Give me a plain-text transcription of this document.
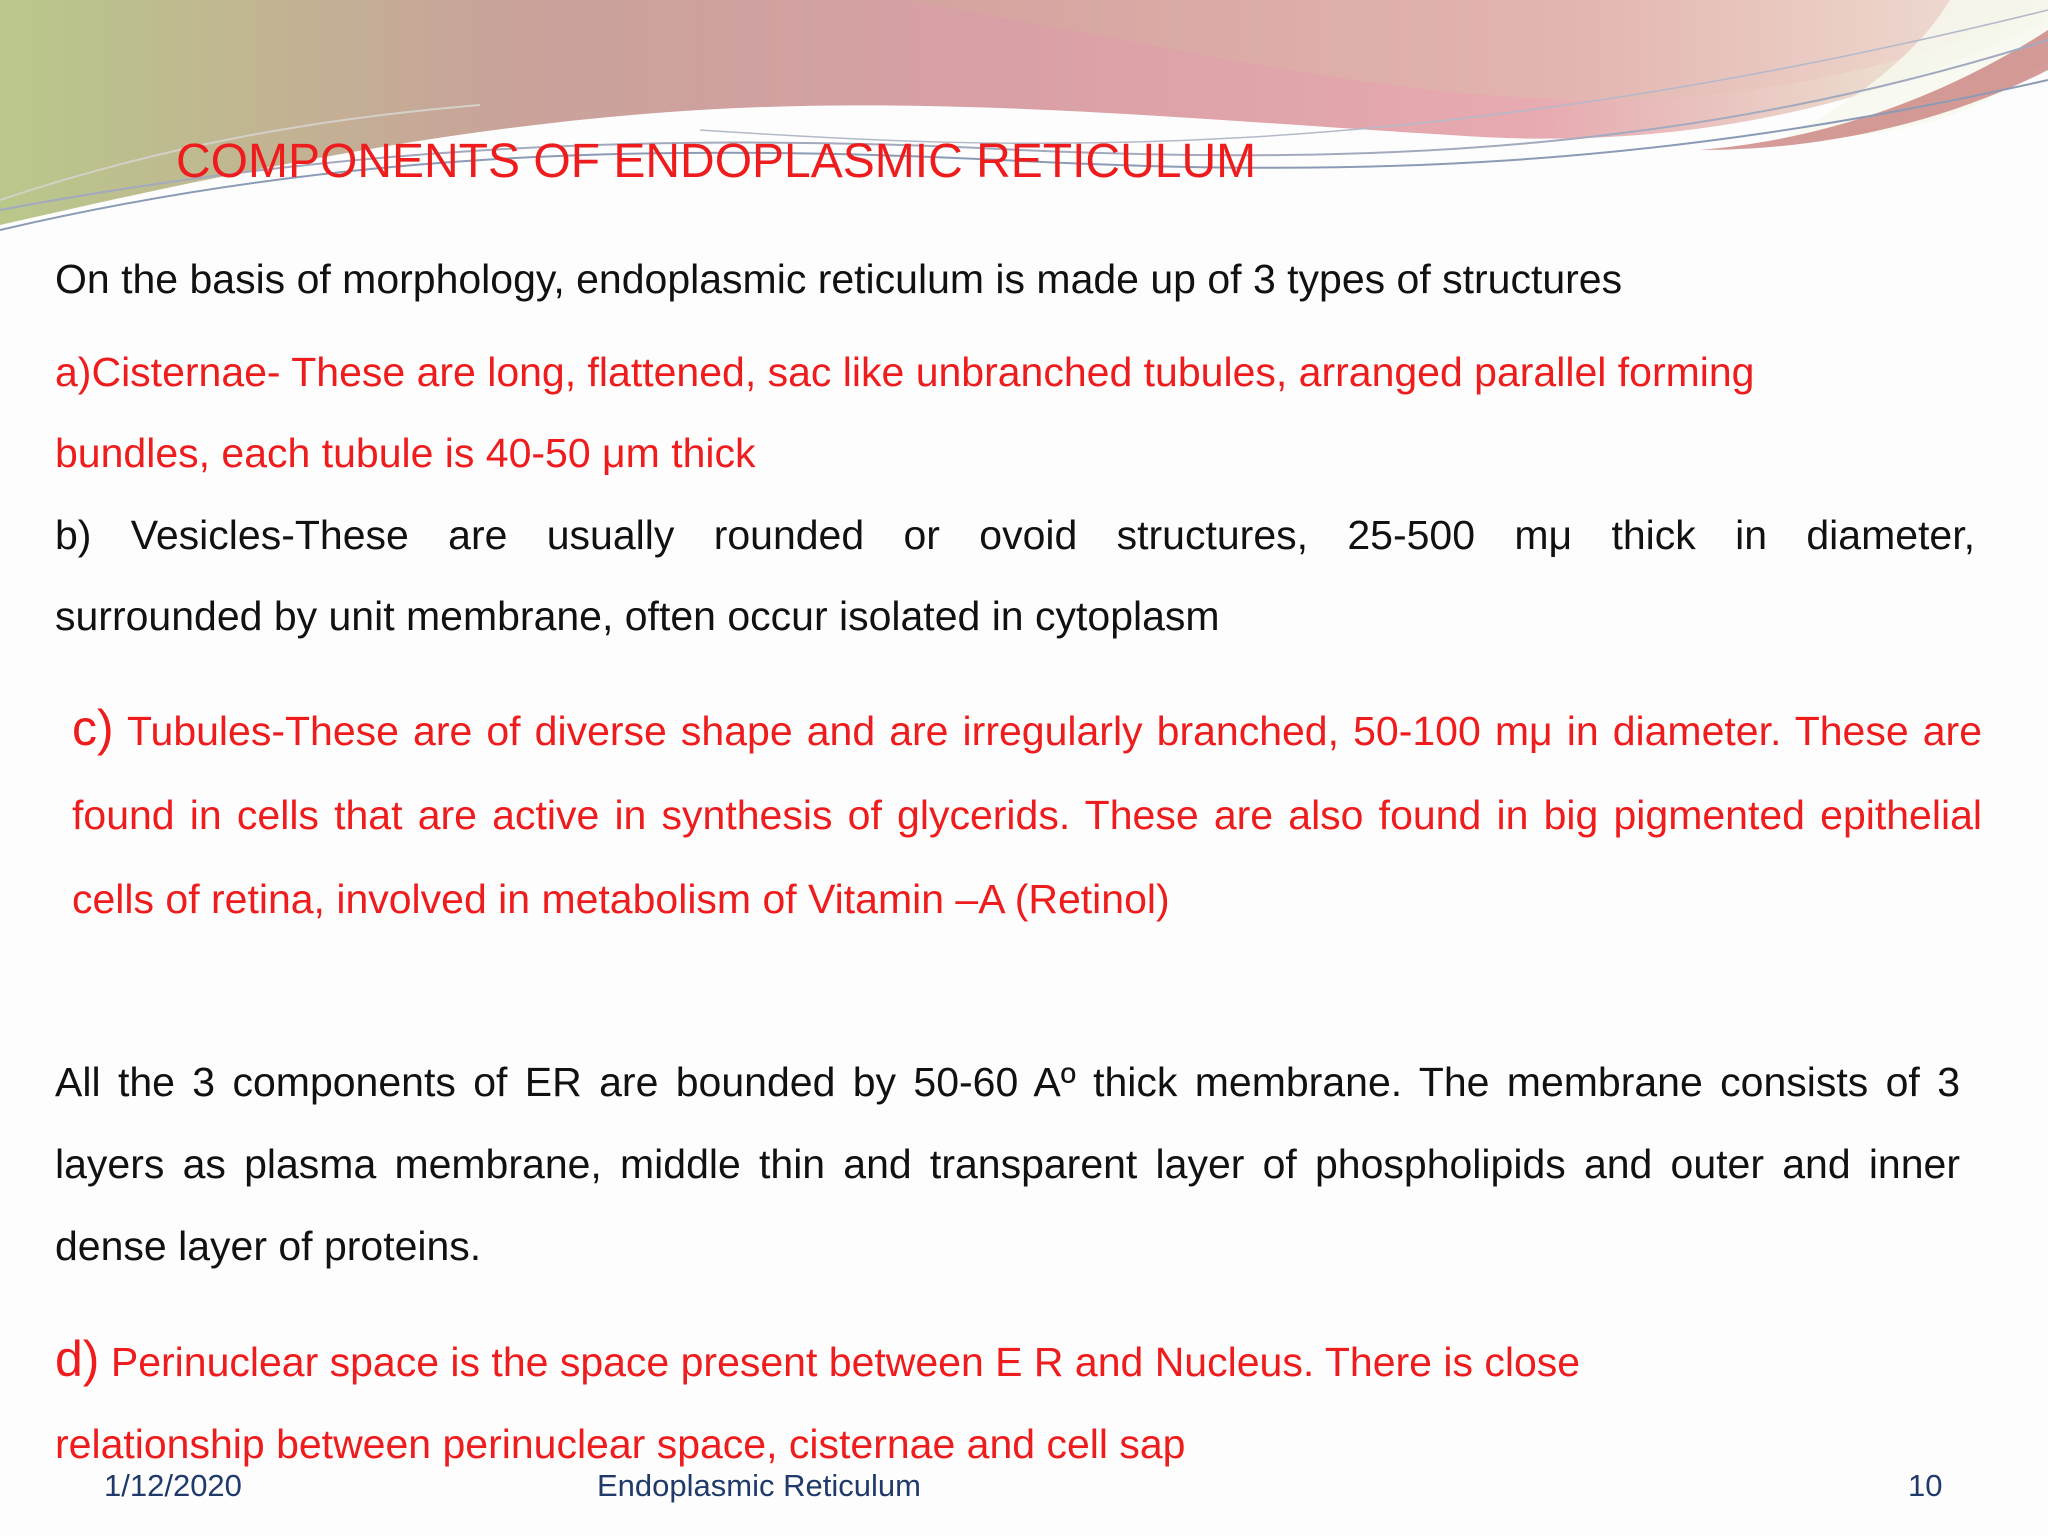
COMPONENTS OF ENDOPLASMIC RETICULUM
On the basis of morphology, endoplasmic reticulum is made up of 3 types of structures
a)Cisternae- These are long, flattened, sac like unbranched tubules, arranged parallel forming
bundles, each tubule is 40-50 μm thick
b) Vesicles-These are usually rounded or ovoid structures, 25-500 mμ thick in diameter,
surrounded by unit membrane, often occur isolated in cytoplasm
c) Tubules-These are of diverse shape and are irregularly branched, 50-100 mμ in diameter. These are found in cells that are active in synthesis of glycerids. These are also found in big pigmented epithelial cells of retina, involved in metabolism of Vitamin –A (Retinol)
All the 3 components of ER are bounded by 50-60 Aº thick membrane. The membrane consists of 3 layers as plasma membrane, middle thin and transparent layer of phospholipids and outer and inner dense layer of proteins.
d) Perinuclear space is the space present between E R and Nucleus. There is close
relationship between perinuclear space, cisternae and cell sap
1/12/2020	Endoplasmic Reticulum	10
